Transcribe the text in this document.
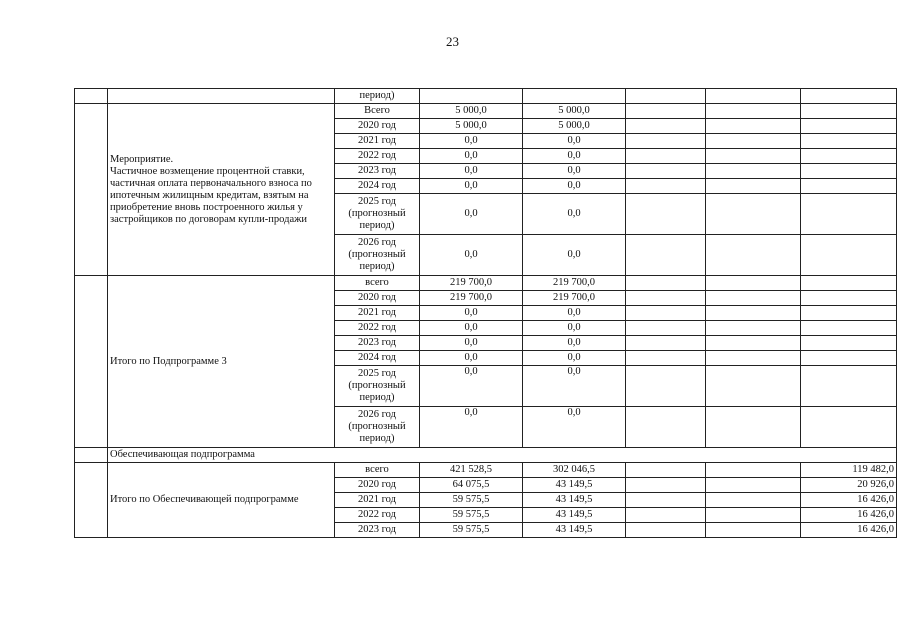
23
		период)					
	Мероприятие.
Частичное возмещение процентной ставки, частичная оплата первоначального взноса по ипотечным жилищным кредитам, взятым на приобретение вновь построенного жилья у застройщиков по договорам купли-продажи	Всего	5 000,0	5 000,0			
		2020 год	5 000,0	5 000,0			
		2021 год	0,0	0,0			
		2022 год	0,0	0,0			
		2023 год	0,0	0,0			
		2024 год	0,0	0,0			
		2025 год (прогнозный период)	0,0	0,0			
		2026 год (прогнозный период)	0,0	0,0			
	Итого по Подпрограмме 3	всего	219 700,0	219 700,0			
		2020 год	219 700,0	219 700,0			
		2021 год	0,0	0,0			
		2022 год	0,0	0,0			
		2023 год	0,0	0,0			
		2024 год	0,0	0,0			
		2025 год (прогнозный период)	0,0	0,0			
		2026 год (прогнозный период)	0,0	0,0			
	Обеспечивающая подпрограмма						
	Итого по Обеспечивающей подпрограмме	всего	421 528,5	302 046,5			119 482,0
		2020 год	64 075,5	43 149,5			20 926,0
		2021 год	59 575,5	43 149,5			16 426,0
		2022 год	59 575,5	43 149,5			16 426,0
		2023 год	59 575,5	43 149,5			16 426,0
